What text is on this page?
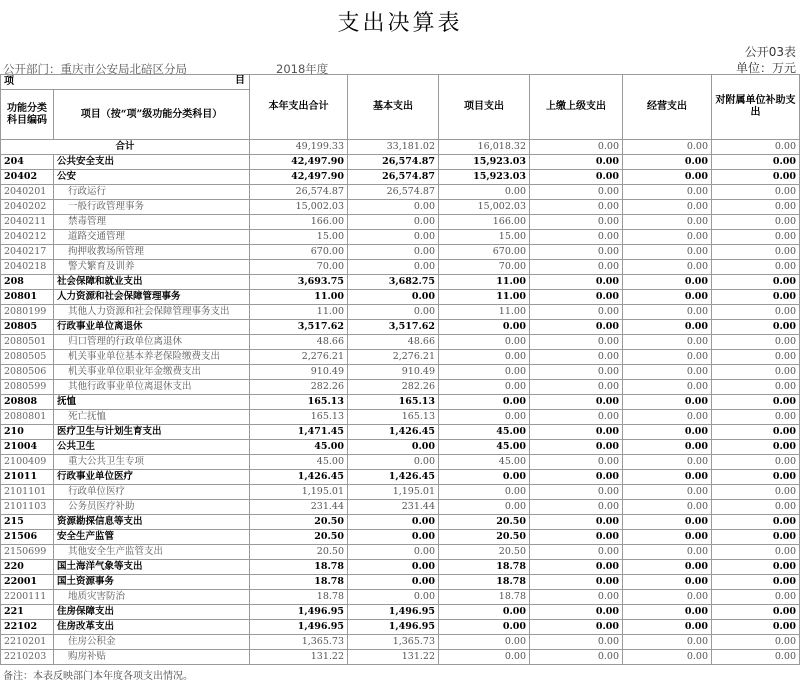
支出决算表
公开03表
公开部门：重庆市公安局北碚区分局	2018年度	单位：万元
项 目		本年支出合计	基本支出	项目支出	上缴上级支出	经营支出	对附属单位补助支出
功能分类科目编码	项目（按“项”级功能分类科目）						
合计		49,199.33	33,181.02	16,018.32	0.00	0.00	0.00
204	公共安全支出	42,497.90	26,574.87	15,923.03	0.00	0.00	0.00
20402	公安	42,497.90	26,574.87	15,923.03	0.00	0.00	0.00
2040201	行政运行	26,574.87	26,574.87	0.00	0.00	0.00	0.00
2040202	一般行政管理事务	15,002.03	0.00	15,002.03	0.00	0.00	0.00
2040211	禁毒管理	166.00	0.00	166.00	0.00	0.00	0.00
2040212	道路交通管理	15.00	0.00	15.00	0.00	0.00	0.00
2040217	拘押收教场所管理	670.00	0.00	670.00	0.00	0.00	0.00
2040218	警犬繁育及训养	70.00	0.00	70.00	0.00	0.00	0.00
208	社会保障和就业支出	3,693.75	3,682.75	11.00	0.00	0.00	0.00
20801	人力资源和社会保障管理事务	11.00	0.00	11.00	0.00	0.00	0.00
2080199	其他人力资源和社会保障管理事务支出	11.00	0.00	11.00	0.00	0.00	0.00
20805	行政事业单位离退休	3,517.62	3,517.62	0.00	0.00	0.00	0.00
2080501	归口管理的行政单位离退休	48.66	48.66	0.00	0.00	0.00	0.00
2080505	机关事业单位基本养老保险缴费支出	2,276.21	2,276.21	0.00	0.00	0.00	0.00
2080506	机关事业单位职业年金缴费支出	910.49	910.49	0.00	0.00	0.00	0.00
2080599	其他行政事业单位离退休支出	282.26	282.26	0.00	0.00	0.00	0.00
20808	抚恤	165.13	165.13	0.00	0.00	0.00	0.00
2080801	死亡抚恤	165.13	165.13	0.00	0.00	0.00	0.00
210	医疗卫生与计划生育支出	1,471.45	1,426.45	45.00	0.00	0.00	0.00
21004	公共卫生	45.00	0.00	45.00	0.00	0.00	0.00
2100409	重大公共卫生专项	45.00	0.00	45.00	0.00	0.00	0.00
21011	行政事业单位医疗	1,426.45	1,426.45	0.00	0.00	0.00	0.00
2101101	行政单位医疗	1,195.01	1,195.01	0.00	0.00	0.00	0.00
2101103	公务员医疗补助	231.44	231.44	0.00	0.00	0.00	0.00
215	资源勘探信息等支出	20.50	0.00	20.50	0.00	0.00	0.00
21506	安全生产监管	20.50	0.00	20.50	0.00	0.00	0.00
2150699	其他安全生产监管支出	20.50	0.00	20.50	0.00	0.00	0.00
220	国土海洋气象等支出	18.78	0.00	18.78	0.00	0.00	0.00
22001	国土资源事务	18.78	0.00	18.78	0.00	0.00	0.00
2200111	地质灾害防治	18.78	0.00	18.78	0.00	0.00	0.00
221	住房保障支出	1,496.95	1,496.95	0.00	0.00	0.00	0.00
22102	住房改革支出	1,496.95	1,496.95	0.00	0.00	0.00	0.00
2210201	住房公积金	1,365.73	1,365.73	0.00	0.00	0.00	0.00
2210203	购房补贴	131.22	131.22	0.00	0.00	0.00	0.00
备注：本表反映部门本年度各项支出情况。
